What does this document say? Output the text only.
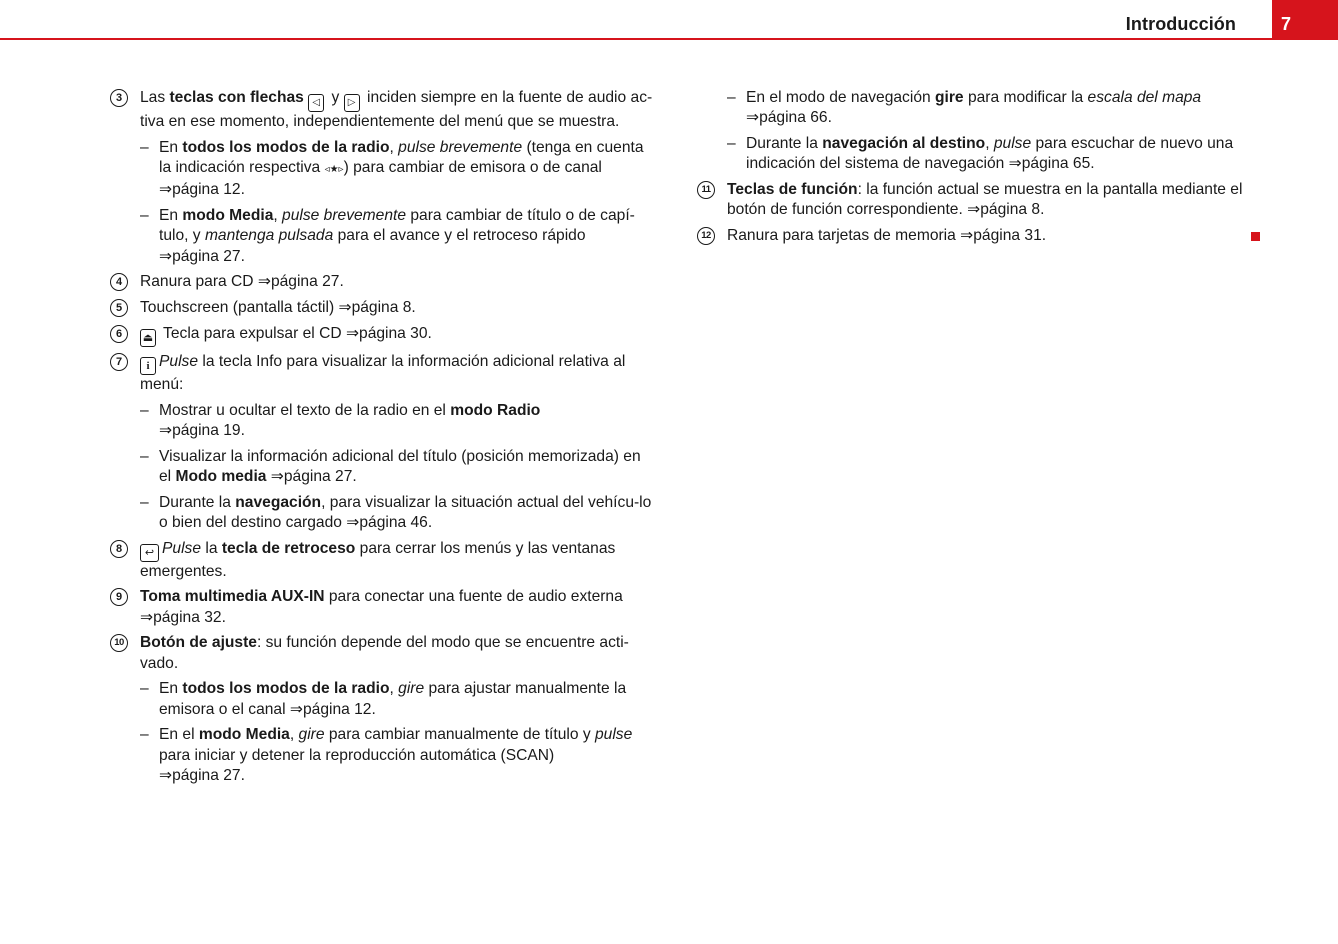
Introducción	7
3	Las teclas con flechas ◁ y ▷ inciden siempre en la fuente de audio ac-tiva en ese momento, independientemente del menú que se muestra.
– En todos los modos de la radio, pulse brevemente (tenga en cuenta la indicación respectiva ◃★▹) para cambiar de emisora o de canal
⇒página 12.
– En modo Media, pulse brevemente para cambiar de título o de capí-tulo, y mantenga pulsada para el avance y el retroceso rápido
⇒página 27.
4	Ranura para CD ⇒página 27.
5	Touchscreen (pantalla táctil) ⇒página 8.
6	⏏ Tecla para expulsar el CD ⇒página 30.
7	i Pulse la tecla Info para visualizar la información adicional relativa al menú:
– Mostrar u ocultar el texto de la radio en el modo Radio
⇒página 19.
– Visualizar la información adicional del título (posición memorizada) en el Modo media ⇒página 27.
– Durante la navegación, para visualizar la situación actual del vehícu-lo o bien del destino cargado ⇒página 46.
8	↩ Pulse la tecla de retroceso para cerrar los menús y las ventanas emergentes.
9	Toma multimedia AUX-IN para conectar una fuente de audio externa
⇒página 32.
10 Botón de ajuste: su función depende del modo que se encuentre acti-vado.
– En todos los modos de la radio, gire para ajustar manualmente la emisora o el canal ⇒página 12.
– En el modo Media, gire para cambiar manualmente de título y pulse para iniciar y detener la reproducción automática (SCAN)
⇒página 27.
– En el modo de navegación gire para modificar la escala del mapa
⇒página 66.
– Durante la navegación al destino, pulse para escuchar de nuevo una indicación del sistema de navegación ⇒página 65.
11 Teclas de función: la función actual se muestra en la pantalla mediante el botón de función correspondiente. ⇒página 8.
12 Ranura para tarjetas de memoria ⇒página 31.
